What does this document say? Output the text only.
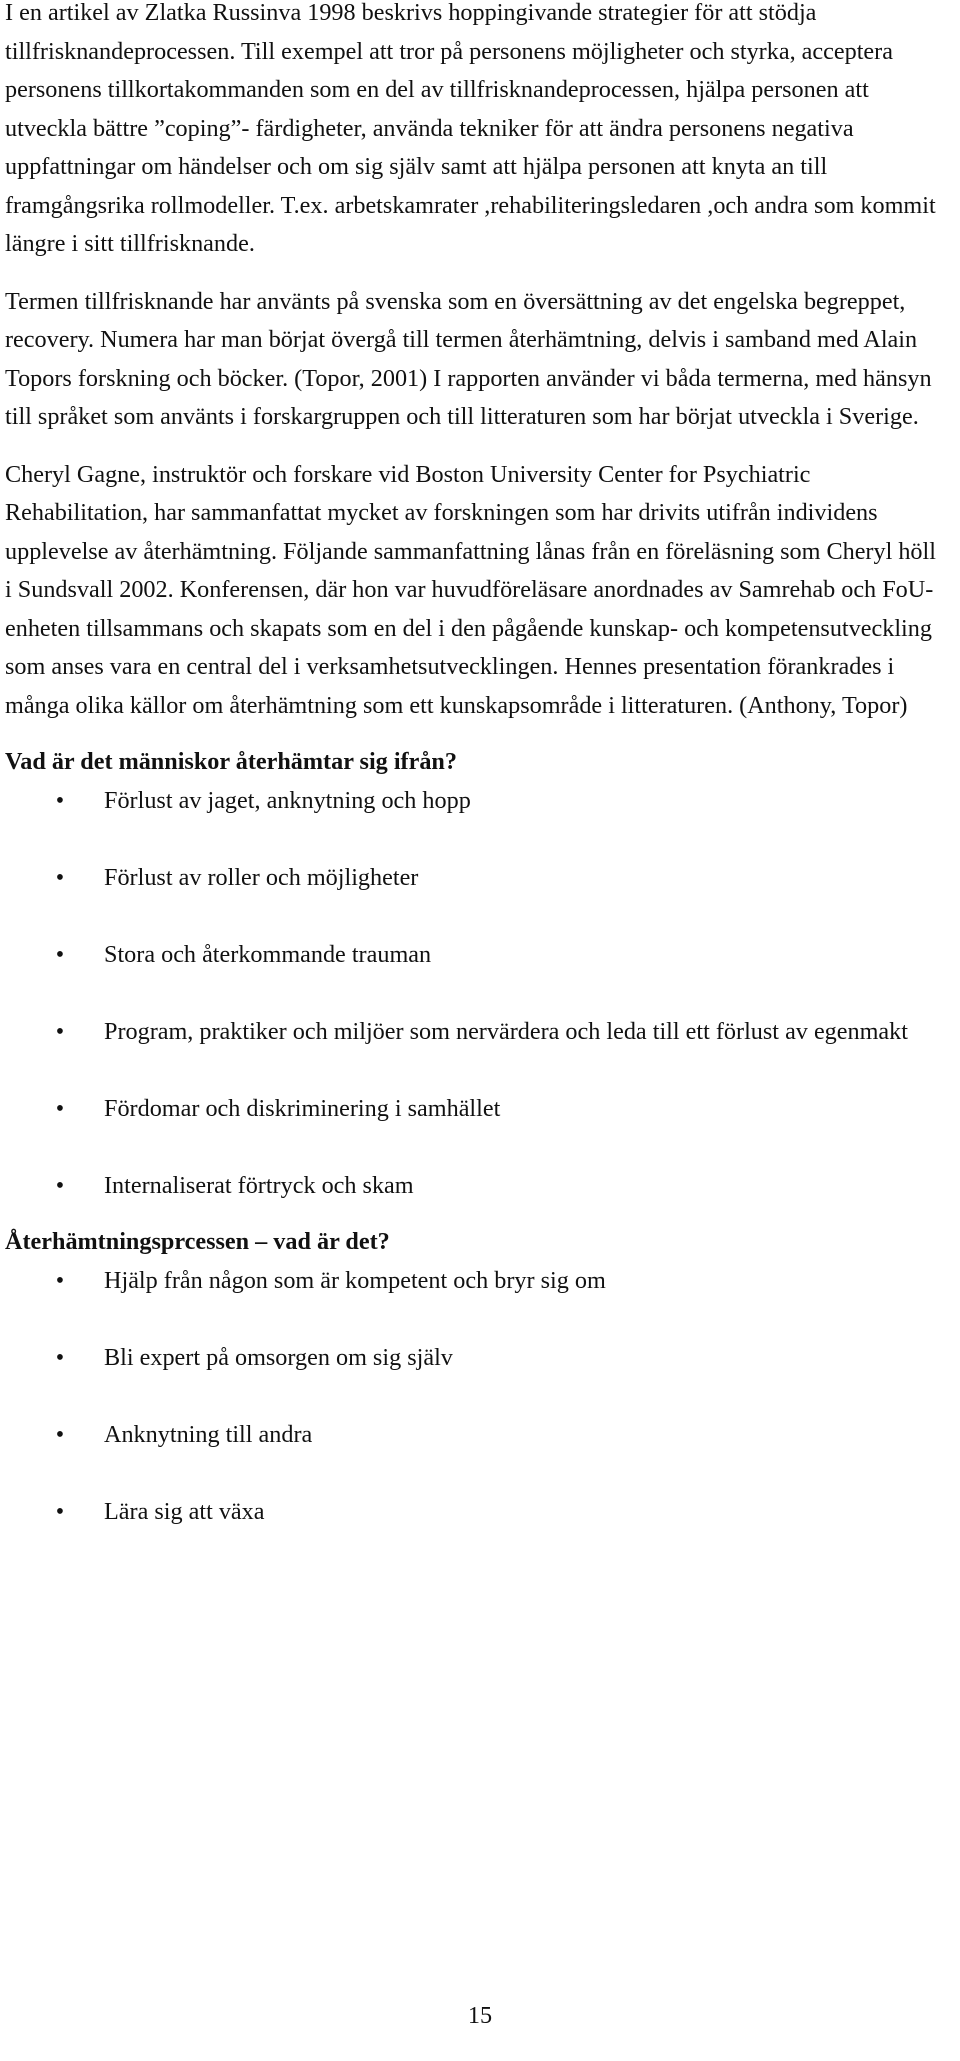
I en artikel av Zlatka Russinva 1998 beskrivs hoppingivande strategier för att stödja tillfrisknandeprocessen. Till exempel att tror på personens möjligheter och styrka, acceptera personens tillkortakommanden som en del av tillfrisknandeprocessen, hjälpa personen att utveckla bättre ”coping”- färdigheter, använda tekniker för att ändra personens negativa uppfattningar om händelser och om sig själv samt att hjälpa personen att knyta an till framgångsrika rollmodeller. T.ex. arbetskamrater ,rehabiliteringsledaren ,och andra som kommit längre i sitt tillfrisknande.

Termen tillfrisknande har använts på svenska som en översättning av det engelska begreppet, recovery. Numera har man börjat övergå till termen återhämtning, delvis i samband med Alain Topors forskning och böcker. (Topor, 2001) I rapporten använder vi båda termerna, med hänsyn till språket som använts i forskargruppen och till litteraturen som har börjat utveckla i Sverige.

Cheryl Gagne, instruktör och forskare vid Boston University Center for Psychiatric Rehabilitation, har sammanfattat mycket av forskningen som har drivits utifrån individens upplevelse av återhämtning. Följande sammanfattning lånas från en föreläsning som Cheryl höll i Sundsvall 2002. Konferensen, där hon var huvudföreläsare anordnades av Samrehab och FoU-enheten tillsammans och skapats som en del i den pågående kunskap- och kompetensutveckling som anses vara en central del i verksamhetsutvecklingen. Hennes presentation förankrades i många olika källor om återhämtning som ett kunskapsområde i litteraturen. (Anthony, Topor)

Vad är det människor återhämtar sig ifrån?

• Förlust av jaget, anknytning och hopp
• Förlust av roller och möjligheter
• Stora och återkommande trauman
• Program, praktiker och miljöer som nervärdera och leda till ett förlust av egenmakt
• Fördomar och diskriminering i samhället
• Internaliserat förtryck och skam

Återhämtningsprcessen – vad är det?

• Hjälp från någon som är kompetent och bryr sig om
• Bli expert på omsorgen om sig själv
• Anknytning till andra
• Lära sig att växa
15
